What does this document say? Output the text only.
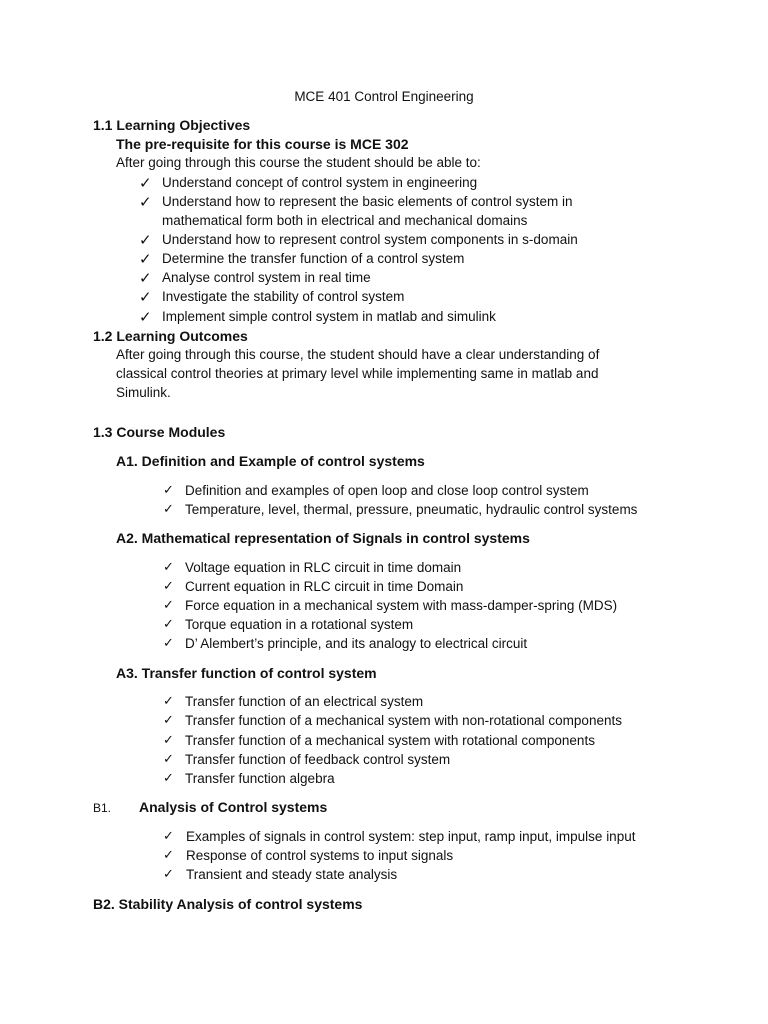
MCE 401 Control Engineering
1.1 Learning Objectives
The pre-requisite for this course is MCE 302
After going through this course the student should be able to:
✓ Understand concept of control system in engineering
✓ Understand how to represent the basic elements of control system in
mathematical form both in electrical and mechanical domains
✓ Understand how to represent control system components in s-domain
✓ Determine the transfer function of a control system
✓ Analyse control system in real time
✓ Investigate the stability of control system
✓ Implement simple control system in matlab and simulink
1.2 Learning Outcomes
After going through this course, the student should have a clear understanding of
classical control theories at primary level while implementing same in matlab and
Simulink.
1.3 Course Modules
A1. Definition and Example of control systems
✓ Definition and examples of open loop and close loop control system
✓ Temperature, level, thermal, pressure, pneumatic, hydraulic control systems
A2. Mathematical representation of Signals in control systems
✓ Voltage equation in RLC circuit in time domain
✓ Current equation in RLC circuit in time Domain
✓ Force equation in a mechanical system with mass-damper-spring (MDS)
✓ Torque equation in a rotational system
✓ D’ Alembert’s principle, and its analogy to electrical circuit
A3. Transfer function of control system
✓ Transfer function of an electrical system
✓ Transfer function of a mechanical system with non-rotational components
✓ Transfer function of a mechanical system with rotational components
✓ Transfer function of feedback control system
✓ Transfer function algebra
B1. Analysis of Control systems
✓ Examples of signals in control system: step input, ramp input, impulse input
✓ Response of control systems to input signals
✓ Transient and steady state analysis
B2. Stability Analysis of control systems
